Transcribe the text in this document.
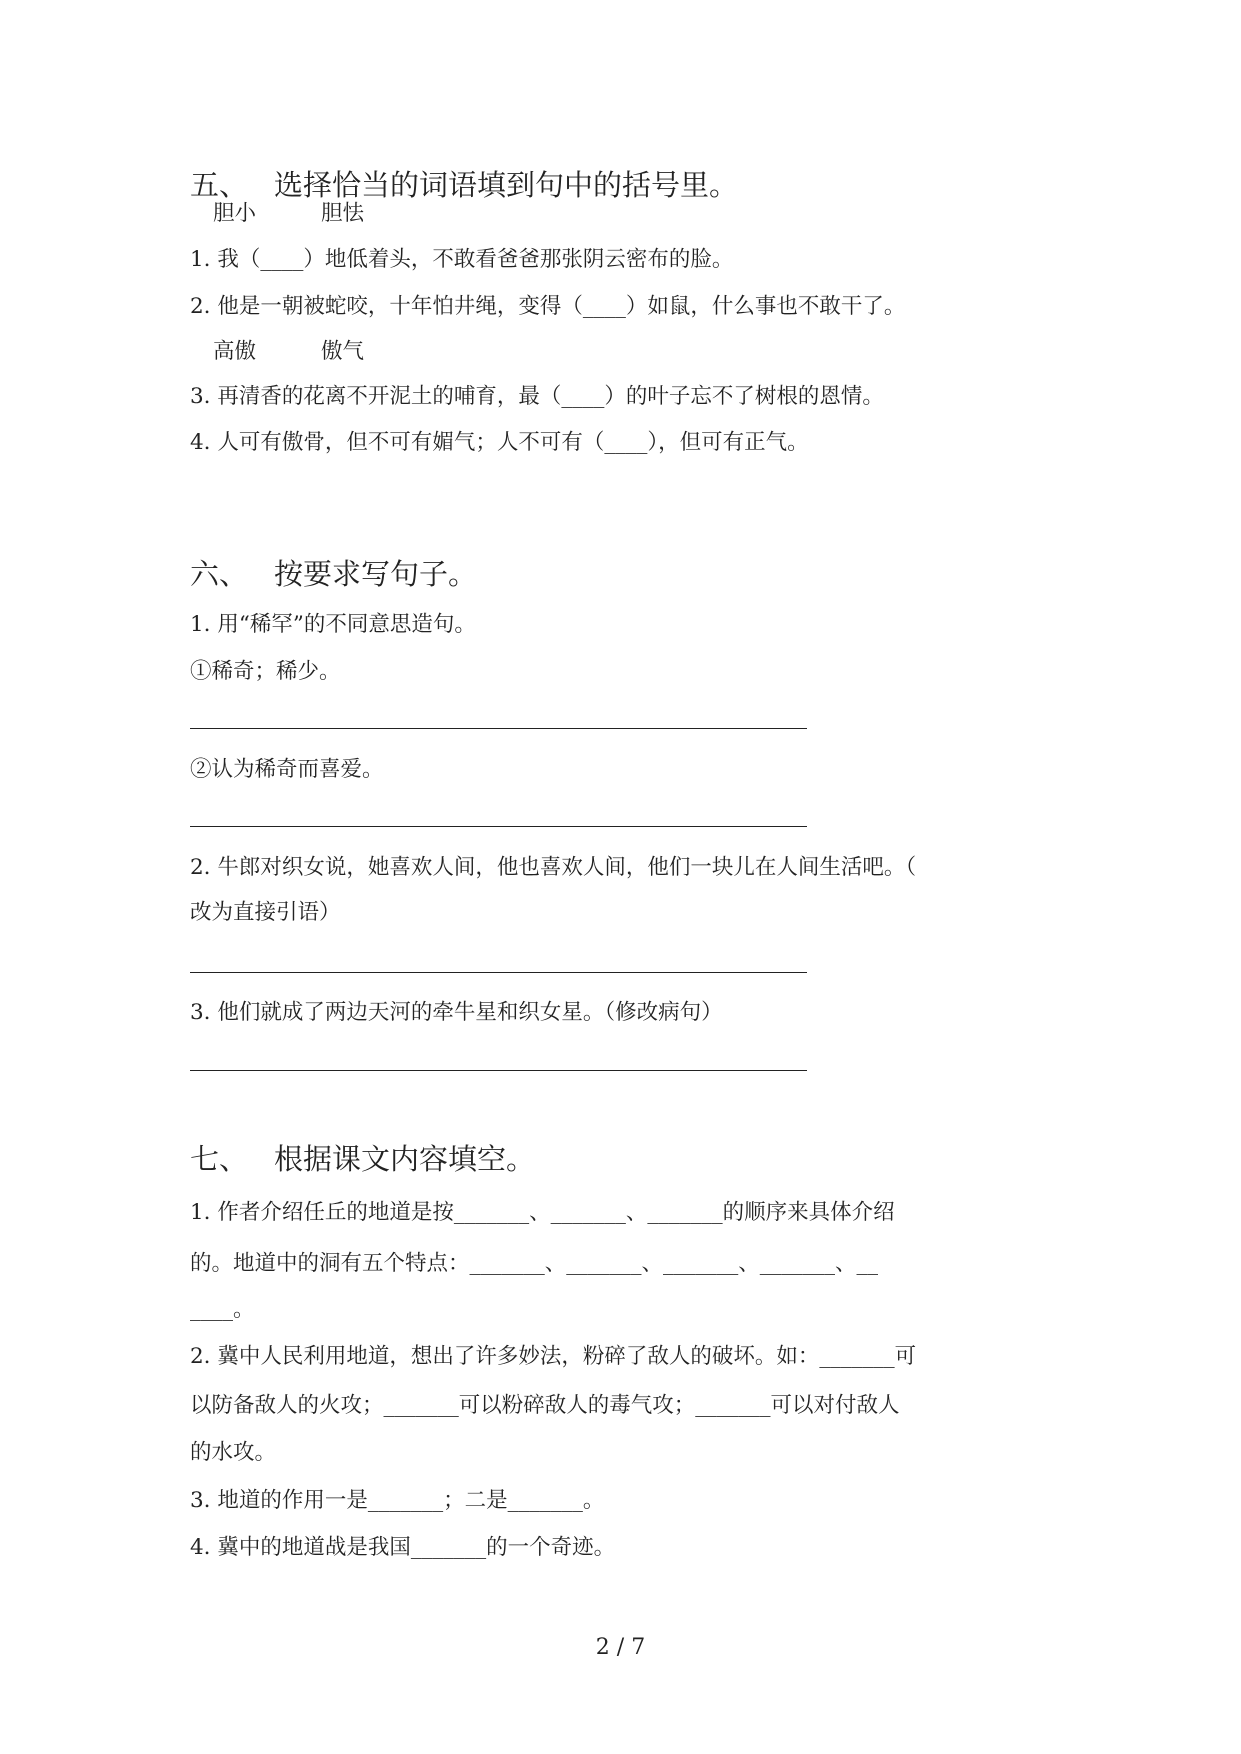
五、 选择恰当的词语填到句中的括号里。
胆小	胆怯
1. 我（____）地低着头，不敢看爸爸那张阴云密布的脸。
2. 他是一朝被蛇咬，十年怕井绳，变得（____）如鼠，什么事也不敢干了。
高傲	傲气
3. 再清香的花离不开泥土的哺育，最（____）的叶子忘不了树根的恩情。
4. 人可有傲骨，但不可有媚气；人不可有（____），但可有正气。
六、 按要求写句子。
1. 用“稀罕”的不同意思造句。
①稀奇；稀少。
②认为稀奇而喜爱。
2. 牛郎对织女说，她喜欢人间，他也喜欢人间，他们一块儿在人间生活吧。（
改为直接引语）
3. 他们就成了两边天河的牵牛星和织女星。（修改病句）
七、 根据课文内容填空。
1. 作者介绍任丘的地道是按_______、_______、_______的顺序来具体介绍
的。地道中的洞有五个特点：_______、_______、_______、_______、__
____。
2. 冀中人民利用地道，想出了许多妙法，粉碎了敌人的破坏。如：_______可
以防备敌人的火攻；_______可以粉碎敌人的毒气攻；_______可以对付敌人
的水攻。
3. 地道的作用一是_______；二是_______。
4. 冀中的地道战是我国_______的一个奇迹。
2 / 7
